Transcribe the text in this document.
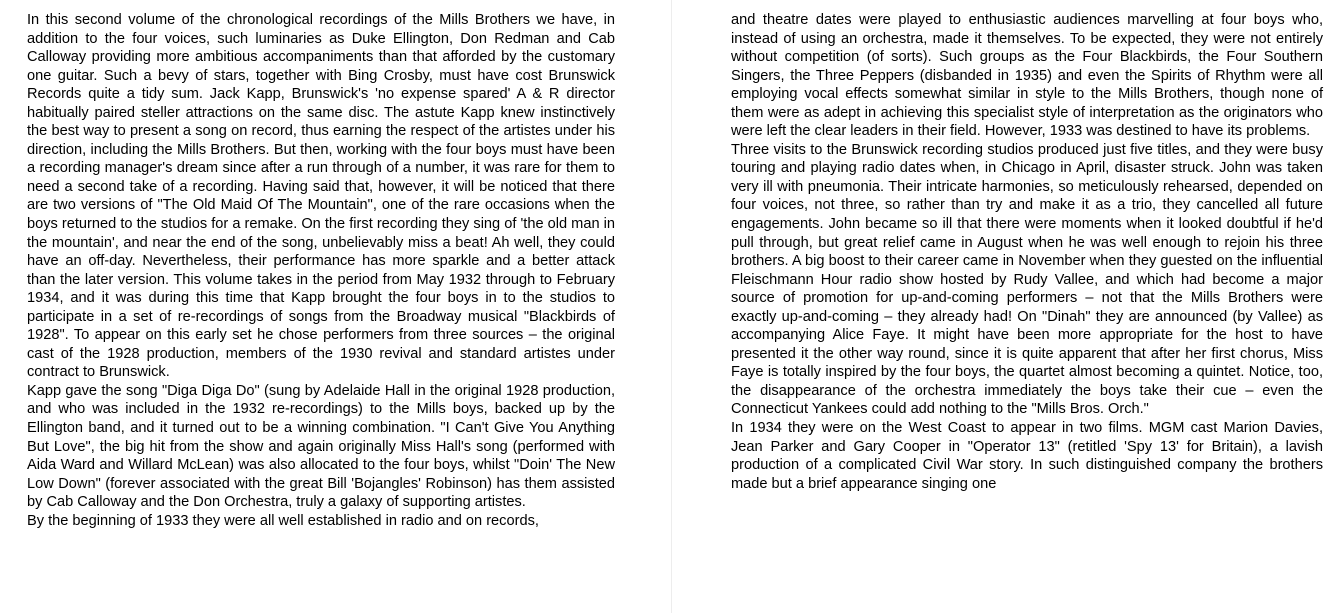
In this second volume of the chronological recordings of the Mills Brothers we have, in addition to the four voices, such luminaries as Duke Ellington, Don Redman and Cab Calloway providing more ambitious accompaniments than that afforded by the customary one guitar. Such a bevy of stars, together with Bing Crosby, must have cost Brunswick Records quite a tidy sum. Jack Kapp, Brunswick's 'no expense spared' A & R director habitually paired steller attractions on the same disc. The astute Kapp knew instinctively the best way to present a song on record, thus earning the respect of the artistes under his direction, including the Mills Brothers. But then, working with the four boys must have been a recording manager's dream since after a run through of a number, it was rare for them to need a second take of a recording. Having said that, however, it will be noticed that there are two versions of "The Old Maid Of The Mountain", one of the rare occasions when the boys returned to the studios for a remake. On the first recording they sing of 'the old man in the mountain', and near the end of the song, unbelievably miss a beat! Ah well, they could have an off-day. Nevertheless, their performance has more sparkle and a better attack than the later version. This volume takes in the period from May 1932 through to February 1934, and it was during this time that Kapp brought the four boys in to the studios to participate in a set of re-recordings of songs from the Broadway musical "Blackbirds of 1928". To appear on this early set he chose performers from three sources – the original cast of the 1928 production, members of the 1930 revival and standard artistes under contract to Brunswick.

Kapp gave the song "Diga Diga Do" (sung by Adelaide Hall in the original 1928 production, and who was included in the 1932 re-recordings) to the Mills boys, backed up by the Ellington band, and it turned out to be a winning combination. "I Can't Give You Anything But Love", the big hit from the show and again originally Miss Hall's song (performed with Aida Ward and Willard McLean) was also allocated to the four boys, whilst "Doin' The New Low Down" (forever associated with the great Bill 'Bojangles' Robinson) has them assisted by Cab Calloway and the Don Orchestra, truly a galaxy of supporting artistes.

By the beginning of 1933 they were all well established in radio and on records,

and theatre dates were played to enthusiastic audiences marvelling at four boys who, instead of using an orchestra, made it themselves. To be expected, they were not entirely without competition (of sorts). Such groups as the Four Blackbirds, the Four Southern Singers, the Three Peppers (disbanded in 1935) and even the Spirits of Rhythm were all employing vocal effects somewhat similar in style to the Mills Brothers, though none of them were as adept in achieving this specialist style of interpretation as the originators who were left the clear leaders in their field. However, 1933 was destined to have its problems.

Three visits to the Brunswick recording studios produced just five titles, and they were busy touring and playing radio dates when, in Chicago in April, disaster struck. John was taken very ill with pneumonia. Their intricate harmonies, so meticulously rehearsed, depended on four voices, not three, so rather than try and make it as a trio, they cancelled all future engagements. John became so ill that there were moments when it looked doubtful if he'd pull through, but great relief came in August when he was well enough to rejoin his three brothers. A big boost to their career came in November when they guested on the influential Fleischmann Hour radio show hosted by Rudy Vallee, and which had become a major source of promotion for up-and-coming performers – not that the Mills Brothers were exactly up-and-coming – they already had! On "Dinah" they are announced (by Vallee) as accompanying Alice Faye. It might have been more appropriate for the host to have presented it the other way round, since it is quite apparent that after her first chorus, Miss Faye is totally inspired by the four boys, the quartet almost becoming a quintet. Notice, too, the disappearance of the orchestra immediately the boys take their cue – even the Connecticut Yankees could add nothing to the "Mills Bros. Orch."

In 1934 they were on the West Coast to appear in two films. MGM cast Marion Davies, Jean Parker and Gary Cooper in "Operator 13" (retitled 'Spy 13' for Britain), a lavish production of a complicated Civil War story. In such distinguished company the brothers made but a brief appearance singing one
